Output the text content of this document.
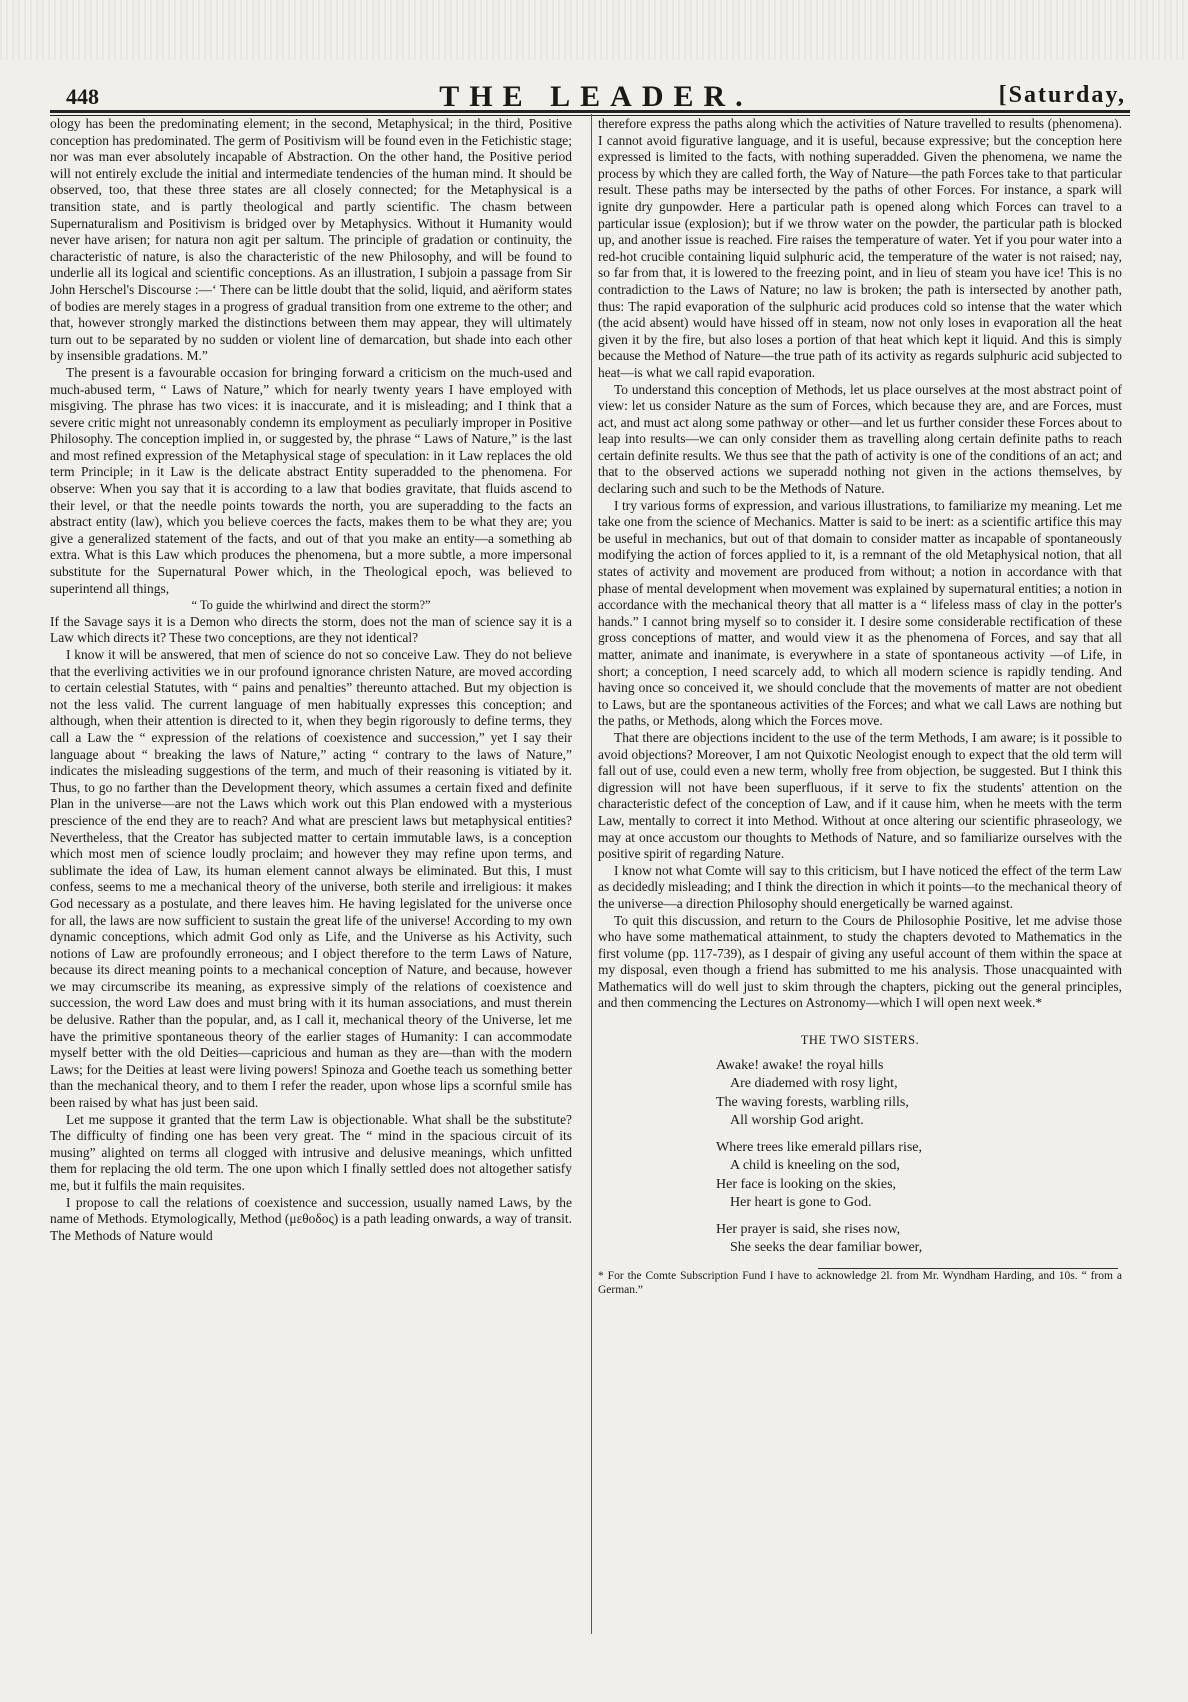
448	THE LEADER.	[Saturday,

ology has been the predominating element; in the second, Metaphysical; in the third, Positive conception has predominated. The germ of Positivism will be found even in the Fetichistic stage; nor was man ever absolutely incapable of Abstraction. On the other hand, the Positive period will not entirely exclude the initial and intermediate tendencies of the human mind. It should be observed, too, that these three states are all closely connected; for the Metaphysical is a transition state, and is partly theological and partly scientific. The chasm between Supernaturalism and Positivism is bridged over by Metaphysics. Without it Humanity would never have arisen; for natura non agit per saltum. The principle of gradation or continuity, the characteristic of nature, is also the characteristic of the new Philosophy, and will be found to underlie all its logical and scientific conceptions. As an illustration, I subjoin a passage from Sir John Herschel's Discourse :—‘ There can be little doubt that the solid, liquid, and aëriform states of bodies are merely stages in a progress of gradual transition from one extreme to the other; and that, however strongly marked the distinctions between them may appear, they will ultimately turn out to be separated by no sudden or violent line of demarcation, but shade into each other by insensible gradations. M.”

The present is a favourable occasion for bringing forward a criticism on the much-used and much-abused term, “ Laws of Nature,” which for nearly twenty years I have employed with misgiving. The phrase has two vices: it is inaccurate, and it is misleading; and I think that a severe critic might not unreasonably condemn its employment as peculiarly improper in Positive Philosophy. The conception implied in, or suggested by, the phrase “ Laws of Nature,” is the last and most refined expression of the Metaphysical stage of speculation: in it Law replaces the old term Principle; in it Law is the delicate abstract Entity superadded to the phenomena. For observe: When you say that it is according to a law that bodies gravitate, that fluids ascend to their level, or that the needle points towards the north, you are superadding to the facts an abstract entity (law), which you believe coerces the facts, makes them to be what they are; you give a generalized statement of the facts, and out of that you make an entity—a something ab extra. What is this Law which produces the phenomena, but a more subtle, a more impersonal substitute for the Supernatural Power which, in the Theological epoch, was believed to superintend all things,

“ To guide the whirlwind and direct the storm?”

If the Savage says it is a Demon who directs the storm, does not the man of science say it is a Law which directs it? These two conceptions, are they not identical?

I know it will be answered, that men of science do not so conceive Law. They do not believe that the everliving activities we in our profound ignorance christen Nature, are moved according to certain celestial Statutes, with “ pains and penalties” thereunto attached. But my objection is not the less valid. The current language of men habitually expresses this conception; and although, when their attention is directed to it, when they begin rigorously to define terms, they call a Law the “ expression of the relations of coexistence and succession,” yet I say their language about “ breaking the laws of Nature,” acting “ contrary to the laws of Nature,” indicates the misleading suggestions of the term, and much of their reasoning is vitiated by it. Thus, to go no farther than the Development theory, which assumes a certain fixed and definite Plan in the universe—are not the Laws which work out this Plan endowed with a mysterious prescience of the end they are to reach? And what are prescient laws but metaphysical entities? Nevertheless, that the Creator has subjected matter to certain immutable laws, is a conception which most men of science loudly proclaim; and however they may refine upon terms, and sublimate the idea of Law, its human element cannot always be eliminated. But this, I must confess, seems to me a mechanical theory of the universe, both sterile and irreligious: it makes God necessary as a postulate, and there leaves him. He having legislated for the universe once for all, the laws are now sufficient to sustain the great life of the universe! According to my own dynamic conceptions, which admit God only as Life, and the Universe as his Activity, such notions of Law are profoundly erroneous; and I object therefore to the term Laws of Nature, because its direct meaning points to a mechanical conception of Nature, and because, however we may circumscribe its meaning, as expressive simply of the relations of coexistence and succession, the word Law does and must bring with it its human associations, and must therein be delusive. Rather than the popular, and, as I call it, mechanical theory of the Universe, let me have the primitive spontaneous theory of the earlier stages of Humanity: I can accommodate myself better with the old Deities—capricious and human as they are—than with the modern Laws; for the Deities at least were living powers! Spinoza and Goethe teach us something better than the mechanical theory, and to them I refer the reader, upon whose lips a scornful smile has been raised by what has just been said.

Let me suppose it granted that the term Law is objectionable. What shall be the substitute? The difficulty of finding one has been very great. The “ mind in the spacious circuit of its musing” alighted on terms all clogged with intrusive and delusive meanings, which unfitted them for replacing the old term. The one upon which I finally settled does not altogether satisfy me, but it fulfils the main requisites.

I propose to call the relations of coexistence and succession, usually named Laws, by the name of Methods. Etymologically, Method (μεθοδος) is a path leading onwards, a way of transit. The Methods of Nature would

therefore express the paths along which the activities of Nature travelled to results (phenomena). I cannot avoid figurative language, and it is useful, because expressive; but the conception here expressed is limited to the facts, with nothing superadded. Given the phenomena, we name the process by which they are called forth, the Way of Nature—the path Forces take to that particular result. These paths may be intersected by the paths of other Forces. For instance, a spark will ignite dry gunpowder. Here a particular path is opened along which Forces can travel to a particular issue (explosion); but if we throw water on the powder, the particular path is blocked up, and another issue is reached. Fire raises the temperature of water. Yet if you pour water into a red-hot crucible containing liquid sulphuric acid, the temperature of the water is not raised; nay, so far from that, it is lowered to the freezing point, and in lieu of steam you have ice! This is no contradiction to the Laws of Nature; no law is broken; the path is intersected by another path, thus: The rapid evaporation of the sulphuric acid produces cold so intense that the water which (the acid absent) would have hissed off in steam, now not only loses in evaporation all the heat given it by the fire, but also loses a portion of that heat which kept it liquid. And this is simply because the Method of Nature—the true path of its activity as regards sulphuric acid subjected to heat—is what we call rapid evaporation.

To understand this conception of Methods, let us place ourselves at the most abstract point of view: let us consider Nature as the sum of Forces, which because they are, and are Forces, must act, and must act along some pathway or other—and let us further consider these Forces about to leap into results—we can only consider them as travelling along certain definite paths to reach certain definite results. We thus see that the path of activity is one of the conditions of an act; and that to the observed actions we superadd nothing not given in the actions themselves, by declaring such and such to be the Methods of Nature.

I try various forms of expression, and various illustrations, to familiarize my meaning. Let me take one from the science of Mechanics. Matter is said to be inert: as a scientific artifice this may be useful in mechanics, but out of that domain to consider matter as incapable of spontaneously modifying the action of forces applied to it, is a remnant of the old Metaphysical notion, that all states of activity and movement are produced from without; a notion in accordance with that phase of mental development when movement was explained by supernatural entities; a notion in accordance with the mechanical theory that all matter is a “ lifeless mass of clay in the potter's hands.” I cannot bring myself so to consider it. I desire some considerable rectification of these gross conceptions of matter, and would view it as the phenomena of Forces, and say that all matter, animate and inanimate, is everywhere in a state of spontaneous activity —of Life, in short; a conception, I need scarcely add, to which all modern science is rapidly tending. And having once so conceived it, we should conclude that the movements of matter are not obedient to Laws, but are the spontaneous activities of the Forces; and what we call Laws are nothing but the paths, or Methods, along which the Forces move.

That there are objections incident to the use of the term Methods, I am aware; is it possible to avoid objections? Moreover, I am not Quixotic Neologist enough to expect that the old term will fall out of use, could even a new term, wholly free from objection, be suggested. But I think this digression will not have been superfluous, if it serve to fix the students' attention on the characteristic defect of the conception of Law, and if it cause him, when he meets with the term Law, mentally to correct it into Method. Without at once altering our scientific phraseology, we may at once accustom our thoughts to Methods of Nature, and so familiarize ourselves with the positive spirit of regarding Nature.

I know not what Comte will say to this criticism, but I have noticed the effect of the term Law as decidedly misleading; and I think the direction in which it points—to the mechanical theory of the universe—a direction Philosophy should energetically be warned against.

To quit this discussion, and return to the Cours de Philosophie Positive, let me advise those who have some mathematical attainment, to study the chapters devoted to Mathematics in the first volume (pp. 117-739), as I despair of giving any useful account of them within the space at my disposal, even though a friend has submitted to me his analysis. Those unacquainted with Mathematics will do well just to skim through the chapters, picking out the general principles, and then commencing the Lectures on Astronomy—which I will open next week.*

THE TWO SISTERS.
Awake! awake! the royal hills
Are diademed with rosy light,
The waving forests, warbling rills,
All worship God aright.
Where trees like emerald pillars rise,
A child is kneeling on the sod,
Her face is looking on the skies,
Her heart is gone to God.
Her prayer is said, she rises now,
She seeks the dear familiar bower,

* For the Comte Subscription Fund I have to acknowledge 2l. from Mr. Wyndham Harding, and 10s. “ from a German.”
